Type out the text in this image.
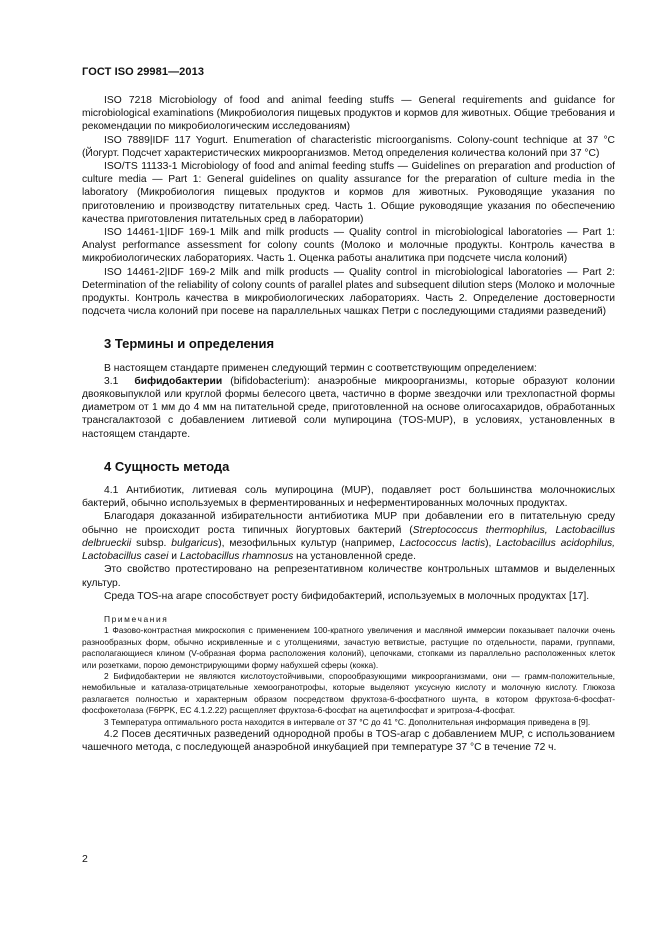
ГОСТ ISO 29981—2013

ISO 7218 Microbiology of food and animal feeding stuffs — General requirements and guidance for microbiological examinations (Микробиология пищевых продуктов и кормов для животных. Общие требования и рекомендации по микробиологическим исследованиям)

ISO 7889|IDF 117 Yogurt. Enumeration of characteristic microorganisms. Colony-count technique at 37 °C (Йогурт. Подсчет характеристических микроорганизмов. Метод определения количества колоний при 37 °C)

ISO/TS 11133-1 Microbiology of food and animal feeding stuffs — Guidelines on preparation and production of culture media — Part 1: General guidelines on quality assurance for the preparation of culture media in the laboratory (Микробиология пищевых продуктов и кормов для животных. Руководящие указания по приготовлению и производству питательных сред. Часть 1. Общие руководящие указания по обеспечению качества приготовления питательных сред в лаборатории)

ISO 14461-1|IDF 169-1 Milk and milk products — Quality control in microbiological laboratories — Part 1: Analyst performance assessment for colony counts (Молоко и молочные продукты. Контроль качества в микробиологических лабораториях. Часть 1. Оценка работы аналитика при подсчете числа колоний)

ISO 14461-2|IDF 169-2 Milk and milk products — Quality control in microbiological laboratories — Part 2: Determination of the reliability of colony counts of parallel plates and subsequent dilution steps (Молоко и молочные продукты. Контроль качества в микробиологических лабораториях. Часть 2. Определение достоверности подсчета числа колоний при посеве на параллельных чашках Петри с последующими стадиями разведений)

3 Термины и определения

В настоящем стандарте применен следующий термин с соответствующим определением:

3.1 бифидобактерии (bifidobacterium): анаэробные микроорганизмы, которые образуют колонии двояковыпуклой или круглой формы белесого цвета, частично в форме звездочки или трехлопастной формы диаметром от 1 мм до 4 мм на питательной среде, приготовленной на основе олигосахаридов, обработанных трансгалактозой с добавлением литиевой соли мупироцина (TOS-MUP), в условиях, установленных в настоящем стандарте.

4 Сущность метода

4.1 Антибиотик, литиевая соль мупироцина (MUP), подавляет рост большинства молочнокислых бактерий, обычно используемых в ферментированных и неферментированных молочных продуктах.

Благодаря доказанной избирательности антибиотика MUP при добавлении его в питательную среду обычно не происходит роста типичных йогуртовых бактерий (Streptococcus thermophilus, Lactobacillus delbrueckii subsp. bulgaricus), мезофильных культур (например, Lactococcus lactis), Lactobacillus acidophilus, Lactobacillus casei и Lactobacillus rhamnosus на установленной среде.

Это свойство протестировано на репрезентативном количестве контрольных штаммов и выделенных культур.

Среда TOS-на агаре способствует росту бифидобактерий, используемых в молочных продуктах [17].

Примечания

1 Фазово-контрастная микроскопия с применением 100-кратного увеличения и масляной иммерсии показывает палочки очень разнообразных форм, обычно искривленные и с утолщениями, зачастую ветвистые, растущие по отдельности, парами, группами, располагающиеся клином (V-образная форма расположения колоний), цепочками, стопками из параллельно расположенных клеток или розетками, порою демонстрирующими форму набухшей сферы (кокка).

2 Бифидобактерии не являются кислотоустойчивыми, спорообразующими микроорганизмами, они — грамм-положительные, немобильные и каталаза-отрицательные хемоогранотрофы, которые выделяют уксусную кислоту и молочную кислоту. Глюкоза разлагается полностью и характерным образом посредством фруктоза-6-фосфатного шунта, в котором фруктоза-6-фосфат-фосфокетолаза (F6PPK, EC 4.1.2.22) расщепляет фруктоза-6-фосфат на ацетилфосфат и эритроза-4-фосфат.

3 Температура оптимального роста находится в интервале от 37 °C до 41 °C. Дополнительная информация приведена в [9].

4.2 Посев десятичных разведений однородной пробы в TOS-агар с добавлением MUP, с использованием чашечного метода, с последующей анаэробной инкубацией при температуре 37 °C в течение 72 ч.

2
